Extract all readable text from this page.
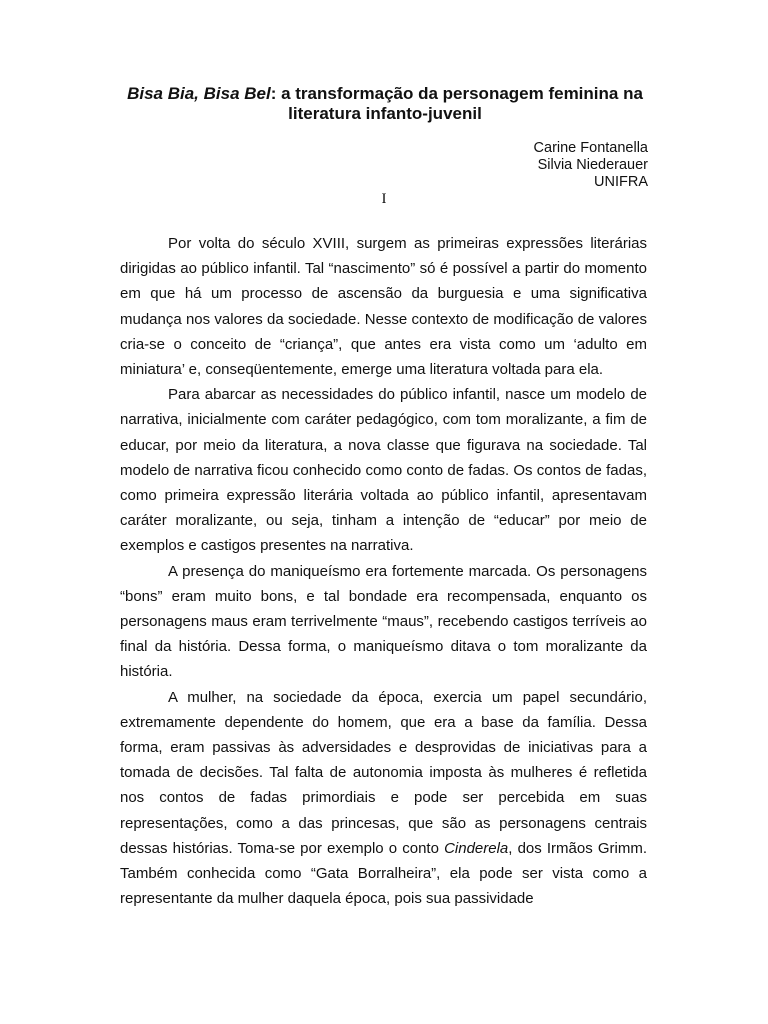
Bisa Bia, Bisa Bel: a transformação da personagem feminina na literatura infanto-juvenil
Carine Fontanella
Silvia Niederauer
UNIFRA
I

Por volta do século XVIII, surgem as primeiras expressões literárias dirigidas ao público infantil. Tal “nascimento” só é possível a partir do momento em que há um processo de ascensão da burguesia e uma significativa mudança nos valores da sociedade. Nesse contexto de modificação de valores cria-se o conceito de “criança”, que antes era vista como um ‘adulto em miniatura’ e, conseqüentemente, emerge uma literatura voltada para ela.

Para abarcar as necessidades do público infantil, nasce um modelo de narrativa, inicialmente com caráter pedagógico, com tom moralizante, a fim de educar, por meio da literatura, a nova classe que figurava na sociedade. Tal modelo de narrativa ficou conhecido como conto de fadas. Os contos de fadas, como primeira expressão literária voltada ao público infantil, apresentavam caráter moralizante, ou seja, tinham a intenção de “educar” por meio de exemplos e castigos presentes na narrativa.

A presença do maniqueísmo era fortemente marcada. Os personagens “bons” eram muito bons, e tal bondade era recompensada, enquanto os personagens maus eram terrivelmente “maus”, recebendo castigos terríveis ao final da história. Dessa forma, o maniqueísmo ditava o tom moralizante da história.

A mulher, na sociedade da época, exercia um papel secundário, extremamente dependente do homem, que era a base da família. Dessa forma, eram passivas às adversidades e desprovidas de iniciativas para a tomada de decisões. Tal falta de autonomia imposta às mulheres é refletida nos contos de fadas primordiais e pode ser percebida em suas representações, como a das princesas, que são as personagens centrais dessas histórias. Toma-se por exemplo o conto Cinderela, dos Irmãos Grimm. Também conhecida como “Gata Borralheira”, ela pode ser vista como a representante da mulher daquela época, pois sua passividade
